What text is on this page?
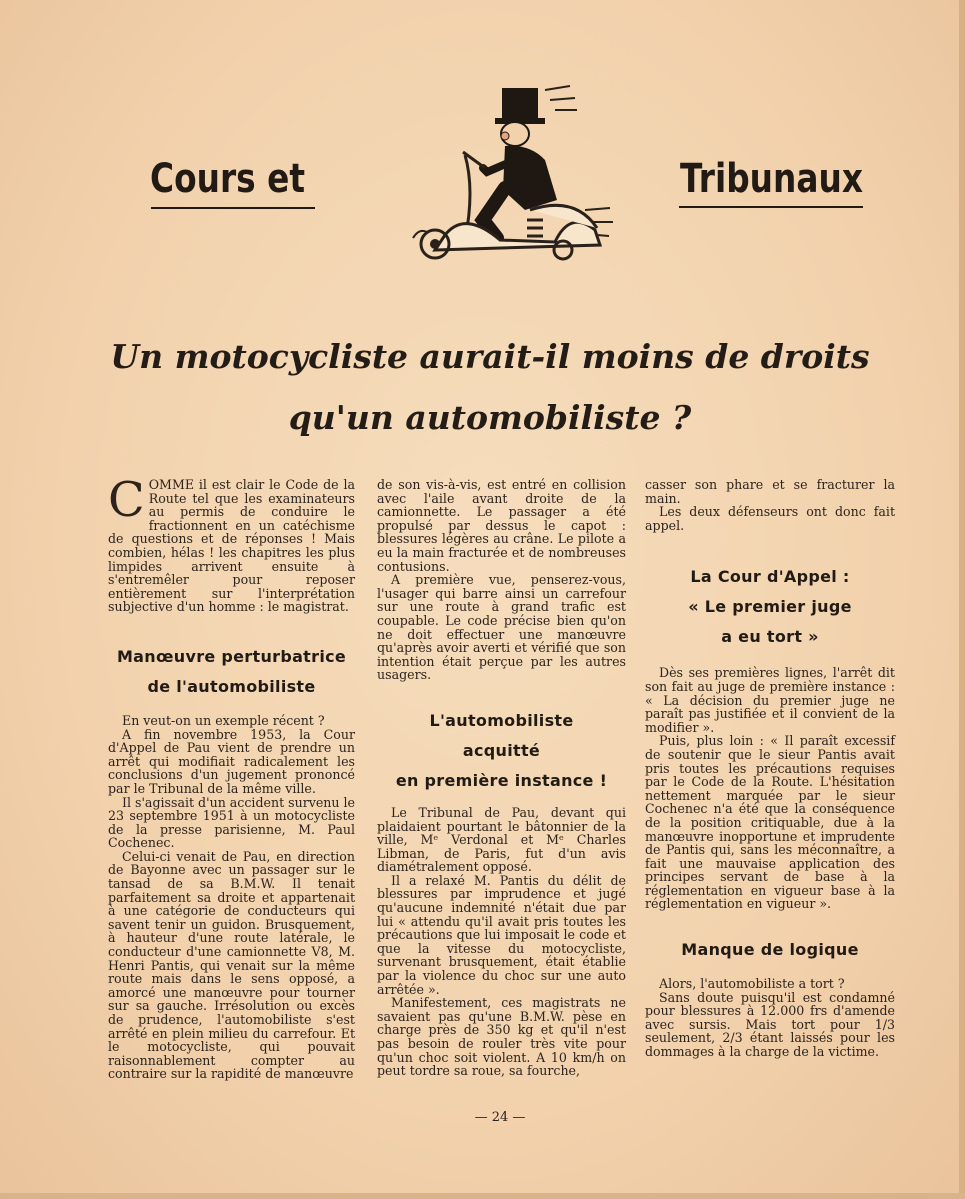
Cours et	Tribunaux
Un motocycliste aurait-il moins de droits
qu'un automobiliste ?

COMME il est clair le Code de la Route tel que les examinateurs au permis de conduire le fractionnent en un catéchisme de questions et de réponses ! Mais combien, hélas ! les chapitres les plus limpides arrivent ensuite à s'entremêler pour reposer entièrement sur l'interprétation subjective d'un homme : le magistrat.

Manœuvre perturbatrice
de l'automobiliste

En veut-on un exemple récent ?

A fin novembre 1953, la Cour d'Appel de Pau vient de prendre un arrêt qui modifiait radicalement les conclusions d'un jugement prononcé par le Tribunal de la même ville.

Il s'agissait d'un accident survenu le 23 septembre 1951 à un motocycliste de la presse parisienne, M. Paul Cochenec.

Celui-ci venait de Pau, en direction de Bayonne avec un passager sur le tansad de sa B.M.W. Il tenait parfaitement sa droite et appartenait à une catégorie de conducteurs qui savent tenir un guidon. Brusquement, à hauteur d'une route latérale, le conducteur d'une camionnette V8, M. Henri Pantis, qui venait sur la même route mais dans le sens opposé, a amorcé une manœuvre pour tourner sur sa gauche. Irrésolution ou excès de prudence, l'automobiliste s'est arrêté en plein milieu du carrefour. Et le motocycliste, qui pouvait raisonnablement compter au contraire sur la rapidité de manœuvre

de son vis-à-vis, est entré en collision avec l'aile avant droite de la camionnette. Le passager a été propulsé par dessus le capot : blessures légères au crâne. Le pilote a eu la main fracturée et de nombreuses contusions.

A première vue, penserez-vous, l'usager qui barre ainsi un carrefour sur une route à grand trafic est coupable. Le code précise bien qu'on ne doit effectuer une manœuvre qu'après avoir averti et vérifié que son intention était perçue par les autres usagers.

L'automobiliste
acquitté
en première instance !

Le Tribunal de Pau, devant qui plaidaient pourtant le bâtonnier de la ville, Mᵉ Verdonal et Mᵉ Charles Libman, de Paris, fut d'un avis diamétralement opposé.

Il a relaxé M. Pantis du délit de blessures par imprudence et jugé qu'aucune indemnité n'était due par lui « attendu qu'il avait pris toutes les précautions que lui imposait le code et que la vitesse du motocycliste, survenant brusquement, était établie par la violence du choc sur une auto arrêtée ».

Manifestement, ces magistrats ne savaient pas qu'une B.M.W. pèse en charge près de 350 kg et qu'il n'est pas besoin de rouler très vite pour qu'un choc soit violent. A 10 km/h on peut tordre sa roue, sa fourche,

casser son phare et se fracturer la main.

Les deux défenseurs ont donc fait appel.

La Cour d'Appel :
« Le premier juge
a eu tort »

Dès ses premières lignes, l'arrêt dit son fait au juge de première instance : « La décision du premier juge ne paraît pas justifiée et il convient de la modifier ».

Puis, plus loin : « Il paraît excessif de soutenir que le sieur Pantis avait pris toutes les précautions requises par le Code de la Route. L'hésitation nettement marquée par le sieur Cochenec n'a été que la conséquence de la position critiquable, due à la manœuvre inopportune et imprudente de Pantis qui, sans les méconnaître, a fait une mauvaise application des principes servant de base à la réglementation en vigueur base à la réglementation en vigueur ».

Manque de logique

Alors, l'automobiliste a tort ?

Sans doute puisqu'il est condamné pour blessures à 12.000 frs d'amende avec sursis. Mais tort pour 1/3 seulement, 2/3 étant laissés pour les dommages à la charge de la victime.

— 24 —
